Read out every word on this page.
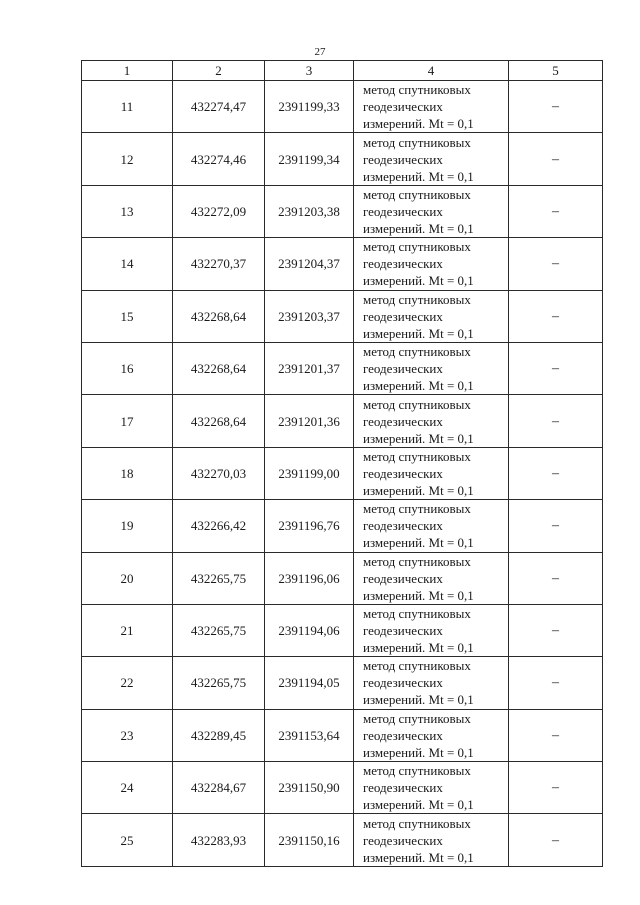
27
1	2	3	4	5
11	432274,47	2391199,33	метод спутниковых
геодезических
измерений. Mt = 0,1	–
12	432274,46	2391199,34	метод спутниковых
геодезических
измерений. Mt = 0,1	–
13	432272,09	2391203,38	метод спутниковых
геодезических
измерений. Mt = 0,1	–
14	432270,37	2391204,37	метод спутниковых
геодезических
измерений. Mt = 0,1	–
15	432268,64	2391203,37	метод спутниковых
геодезических
измерений. Mt = 0,1	–
16	432268,64	2391201,37	метод спутниковых
геодезических
измерений. Mt = 0,1	–
17	432268,64	2391201,36	метод спутниковых
геодезических
измерений. Mt = 0,1	–
18	432270,03	2391199,00	метод спутниковых
геодезических
измерений. Mt = 0,1	–
19	432266,42	2391196,76	метод спутниковых
геодезических
измерений. Mt = 0,1	–
20	432265,75	2391196,06	метод спутниковых
геодезических
измерений. Mt = 0,1	–
21	432265,75	2391194,06	метод спутниковых
геодезических
измерений. Mt = 0,1	–
22	432265,75	2391194,05	метод спутниковых
геодезических
измерений. Mt = 0,1	–
23	432289,45	2391153,64	метод спутниковых
геодезических
измерений. Mt = 0,1	–
24	432284,67	2391150,90	метод спутниковых
геодезических
измерений. Mt = 0,1	–
25	432283,93	2391150,16	метод спутниковых
геодезических
измерений. Mt = 0,1	–
